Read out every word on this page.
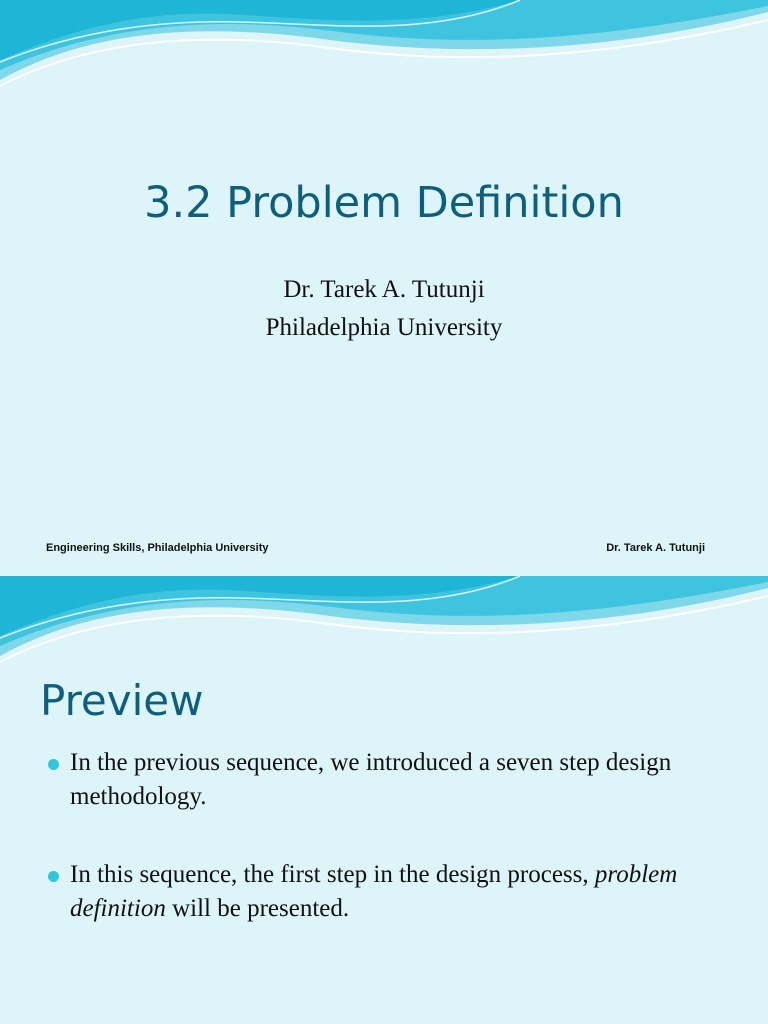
3.2 Problem Definition
Dr. Tarek A. Tutunji
Philadelphia University
Engineering Skills, Philadelphia University	Dr. Tarek A. Tutunji
Preview
In the previous sequence, we introduced a seven step design methodology.
In this sequence, the first step in the design process, problem definition will be presented.
